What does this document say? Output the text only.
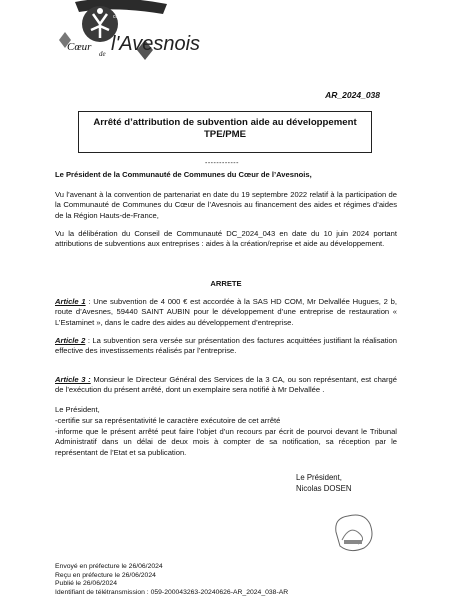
communauté de communes
Cœur
de l'Avesnois
AR_2024_038
Arrêté d’attribution de subvention aide au développement
TPE/PME
------------
Le Président de la Communauté de Communes du Cœur de l’Avesnois,
Vu l’avenant à la convention de partenariat en date du 19 septembre 2022 relatif à la participation de la Communauté de Communes du Cœur de l’Avesnois au financement des aides et régimes d’aides de la Région Hauts-de-France,
Vu la délibération du Conseil de Communauté DC_2024_043 en date du 10 juin 2024 portant attributions de subventions aux entreprises : aides à la création/reprise et aide au développement.
ARRETE
Article 1 : Une subvention de 4 000 € est accordée à la SAS HD COM, Mr Delvallée Hugues, 2 b, route d’Avesnes, 59440 SAINT AUBIN pour le développement d’une entreprise de restauration « L’Estaminet », dans le cadre des aides au développement d’entreprise.
Article 2 : La subvention sera versée sur présentation des factures acquittées justifiant la réalisation effective des investissements réalisés par l’entreprise.
Article 3 : Monsieur le Directeur Général des Services de la 3 CA, ou son représentant, est chargé de l’exécution du présent arrêté, dont un exemplaire sera notifié à Mr Delvallée .
Le Président,
-certifie sur sa représentativité le caractère exécutoire de cet arrêté
-informe que le présent arrêté peut faire l’objet d’un recours par écrit de pourvoi devant le Tribunal Administratif dans un délai de deux mois à compter de sa notification, sa réception par le représentant de l’Etat et sa publication.
Le Président,
Nicolas DOSEN
Envoyé en préfecture le 26/06/2024
Reçu en préfecture le 26/06/2024
Publié le 26/06/2024
Identifiant de télétransmission : 059-200043263-20240626-AR_2024_038-AR
